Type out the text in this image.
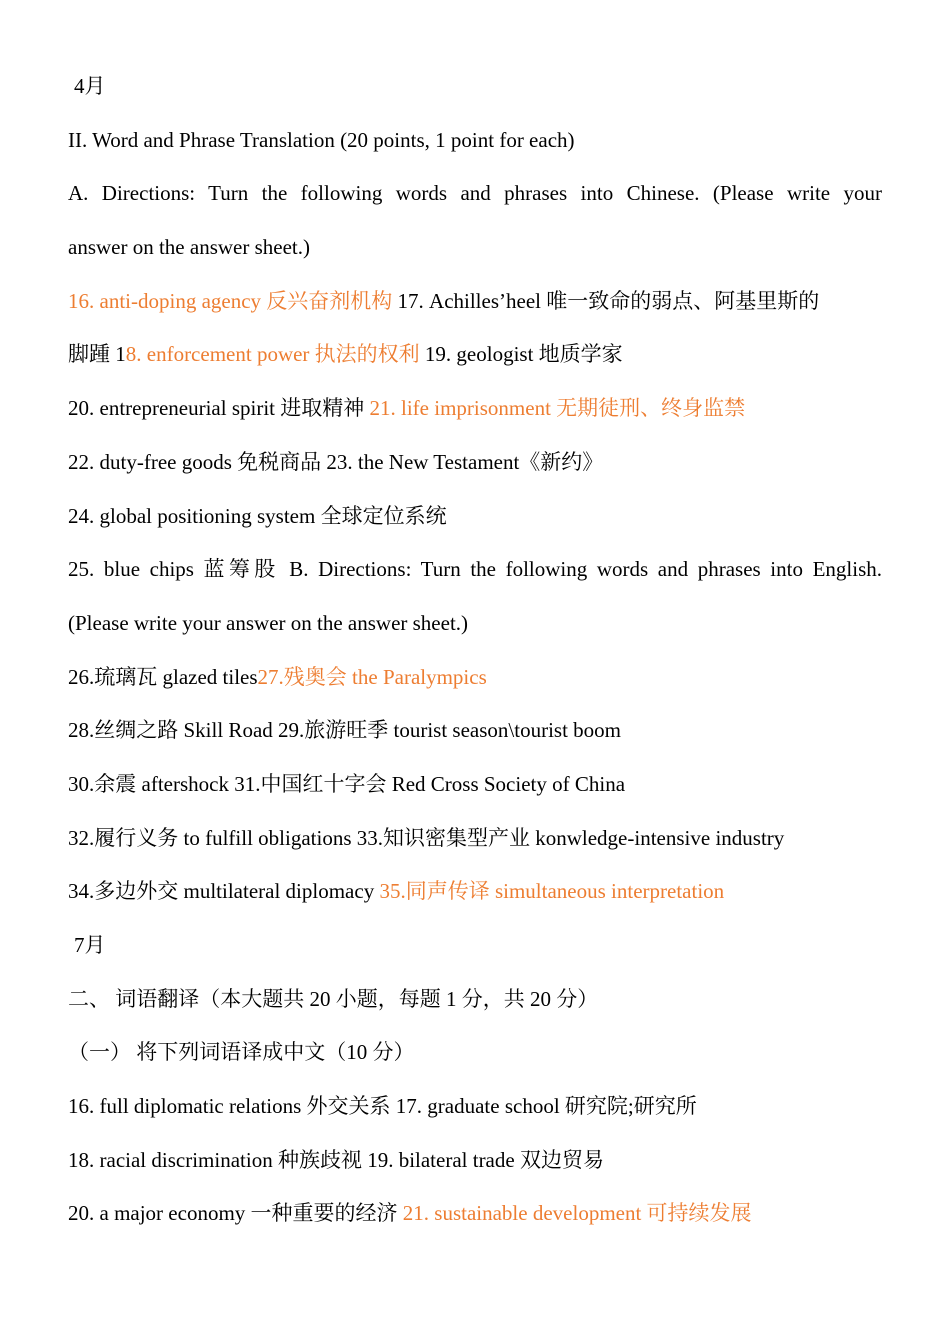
4月
II. Word and Phrase Translation (20 points, 1 point for each)
A. Directions: Turn the following words and phrases into Chinese. (Please write your
answer on the answer sheet.)
16. anti-doping agency 反兴奋剂机构 17. Achilles’heel 唯一致命的弱点、阿基里斯的
脚踵 18. enforcement power 执法的权利 19. geologist 地质学家
20. entrepreneurial spirit 进取精神 21. life imprisonment 无期徒刑、终身监禁
22. duty-free goods 免税商品 23. the New Testament《新约》
24. global positioning system 全球定位系统
25. blue chips 蓝筹股 B. Directions: Turn the following words and phrases into English.
(Please write your answer on the answer sheet.)
26.琉璃瓦 glazed tiles27.残奥会 the Paralympics
28.丝绸之路 Skill Road 29.旅游旺季 tourist season\tourist boom
30.余震 aftershock 31.中国红十字会 Red Cross Society of China
32.履行义务 to fulfill obligations 33.知识密集型产业 konwledge-intensive industry
34.多边外交 multilateral diplomacy 35.同声传译 simultaneous interpretation
7月
二、 词语翻译（本大题共 20 小题，每题 1 分，共 20 分）
（一） 将下列词语译成中文（10 分）
16. full diplomatic relations 外交关系 17. graduate school 研究院;研究所
18. racial discrimination 种族歧视 19. bilateral trade 双边贸易
20. a major economy 一种重要的经济 21. sustainable development 可持续发展
